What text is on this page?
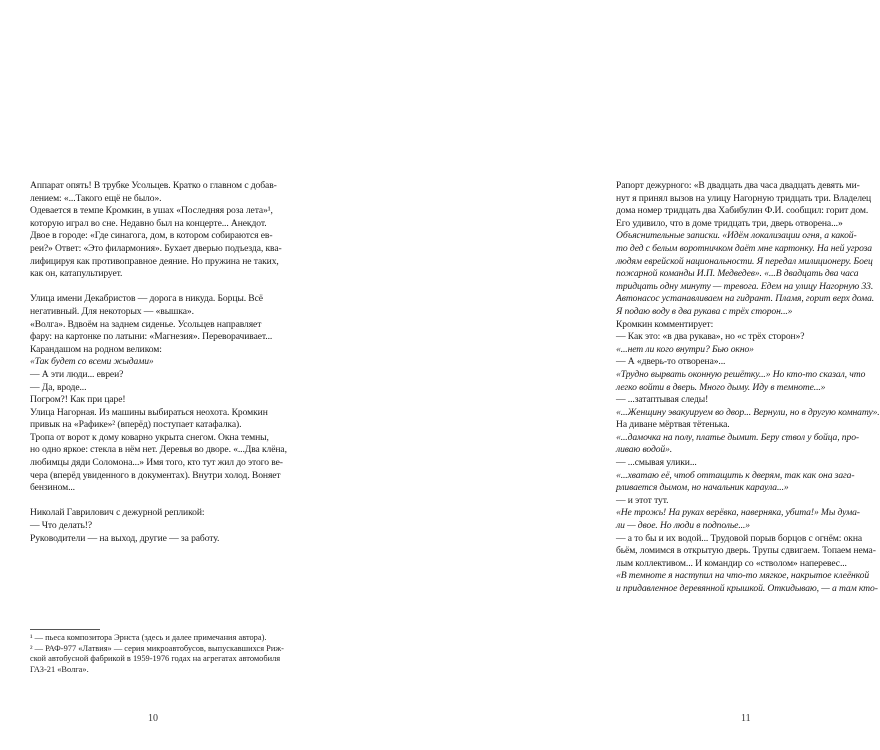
Аппарат опять! В трубке Усольцев. Кратко о главном с добав-
лением: «...Такого ещё не было».
Одевается в темпе Кромкин, в ушах «Последняя роза лета»¹,
которую играл во сне. Недавно был на концерте... Анекдот.
Двое в городе: «Где синагога, дом, в котором собираются ев-
реи?» Ответ: «Это филармония». Бухает дверью подъезда, ква-
лифицируя как противоправное деяние. Но пружина не таких,
как он, катапультирует.
Улица имени Декабристов — дорога в никуда. Борцы. Всё
негативный. Для некоторых — «вышка».
«Волга». Вдвоём на заднем сиденье. Усольцев направляет
фару: на картонке по латыни: «Магнезия». Переворачивает...
Карандашом на родном великом:
«Так будет со всеми жыдами»
— А эти люди... евреи?
— Да, вроде...
Погром?! Как при царе!
Улица Нагорная. Из машины выбираться неохота. Кромкин
привык на «Рафике»² (вперёд) поступает катафалка).
Тропа от ворот к дому коварно укрыта снегом. Окна темны,
но одно яркое: стекла в нём нет. Деревья во дворе. «...Два клёна,
любимцы дяди Соломона...» Имя того, кто тут жил до этого ве-
чера (вперёд увиденного в документах). Внутри холод. Воняет
бензином...
Николай Гаврилович с дежурной репликой:
— Что делать!?
Руководители — на выход, другие — за работу.
¹ — пьеса композитора Эрнста (здесь и далее примечания автора).
² — РАФ-977 «Латвия» — серия микроавтобусов, выпускавшихся Риж-
ской автобусной фабрикой в 1959-1976 годах на агрегатах автомобиля
ГАЗ-21 «Волга».
10
Рапорт дежурного: «В двадцать два часа двадцать девять ми-
нут я принял вызов на улицу Нагорную тридцать три. Владелец
дома номер тридцать два Хабибулин Ф.И. сообщил: горит дом.
Его удивило, что в доме тридцать три, дверь отворена...»
Объяснительные записки. «Идём локализации огня, а какой-
то дед с белым воротничком даёт мне картонку. На ней угроза
людям еврейской национальности. Я передал милиционеру. Боец
пожарной команды И.П. Медведев». «...В двадцать два часа
тридцать одну минуту — тревога. Едем на улицу Нагорную 33.
Автонасос устанавливаем на гидрант. Пламя, горит верх дома.
Я подаю воду в два рукава с трёх сторон...»
Кромкин комментирует:
— Как это: «в два рукава», но «с трёх сторон»?
«...нет ли кого внутри? Бью окно»
— А «дверь-то отворена»...
«Трудно вырвать оконную решётку...» Но кто-то сказал, что
легко войти в дверь. Много дыму. Иду в темноте...»
— ...затаптывая следы!
«...Женщину эвакуируем во двор... Вернули, но в другую комнату».
На диване мёртвая тётенька.
«...дамочка на полу, платье дымит. Беру ствол у бойца, про-
ливаю водой».
— ...смывая улики...
«...хватаю её, чтоб оттащить к дверям, так как она зага-
рливается дымом, но начальник караула...»
— и этот тут.
«Не трожь! На руках верёвка, наверняка, убита!» Мы дума-
ли — двое. Но люди в подполье...»
— а то бы и их водой... Трудовой порыв борцов с огнём: окна
бьём, ломимся в открытую дверь. Трупы сдвигаем. Топаем нема-
лым коллективом... И командир со «стволом» наперевес...
«В темноте я наступил на что-то мягкое, накрытое клеёнкой
и придавленное деревянной крышкой. Откидываю, — а там кто-
11
